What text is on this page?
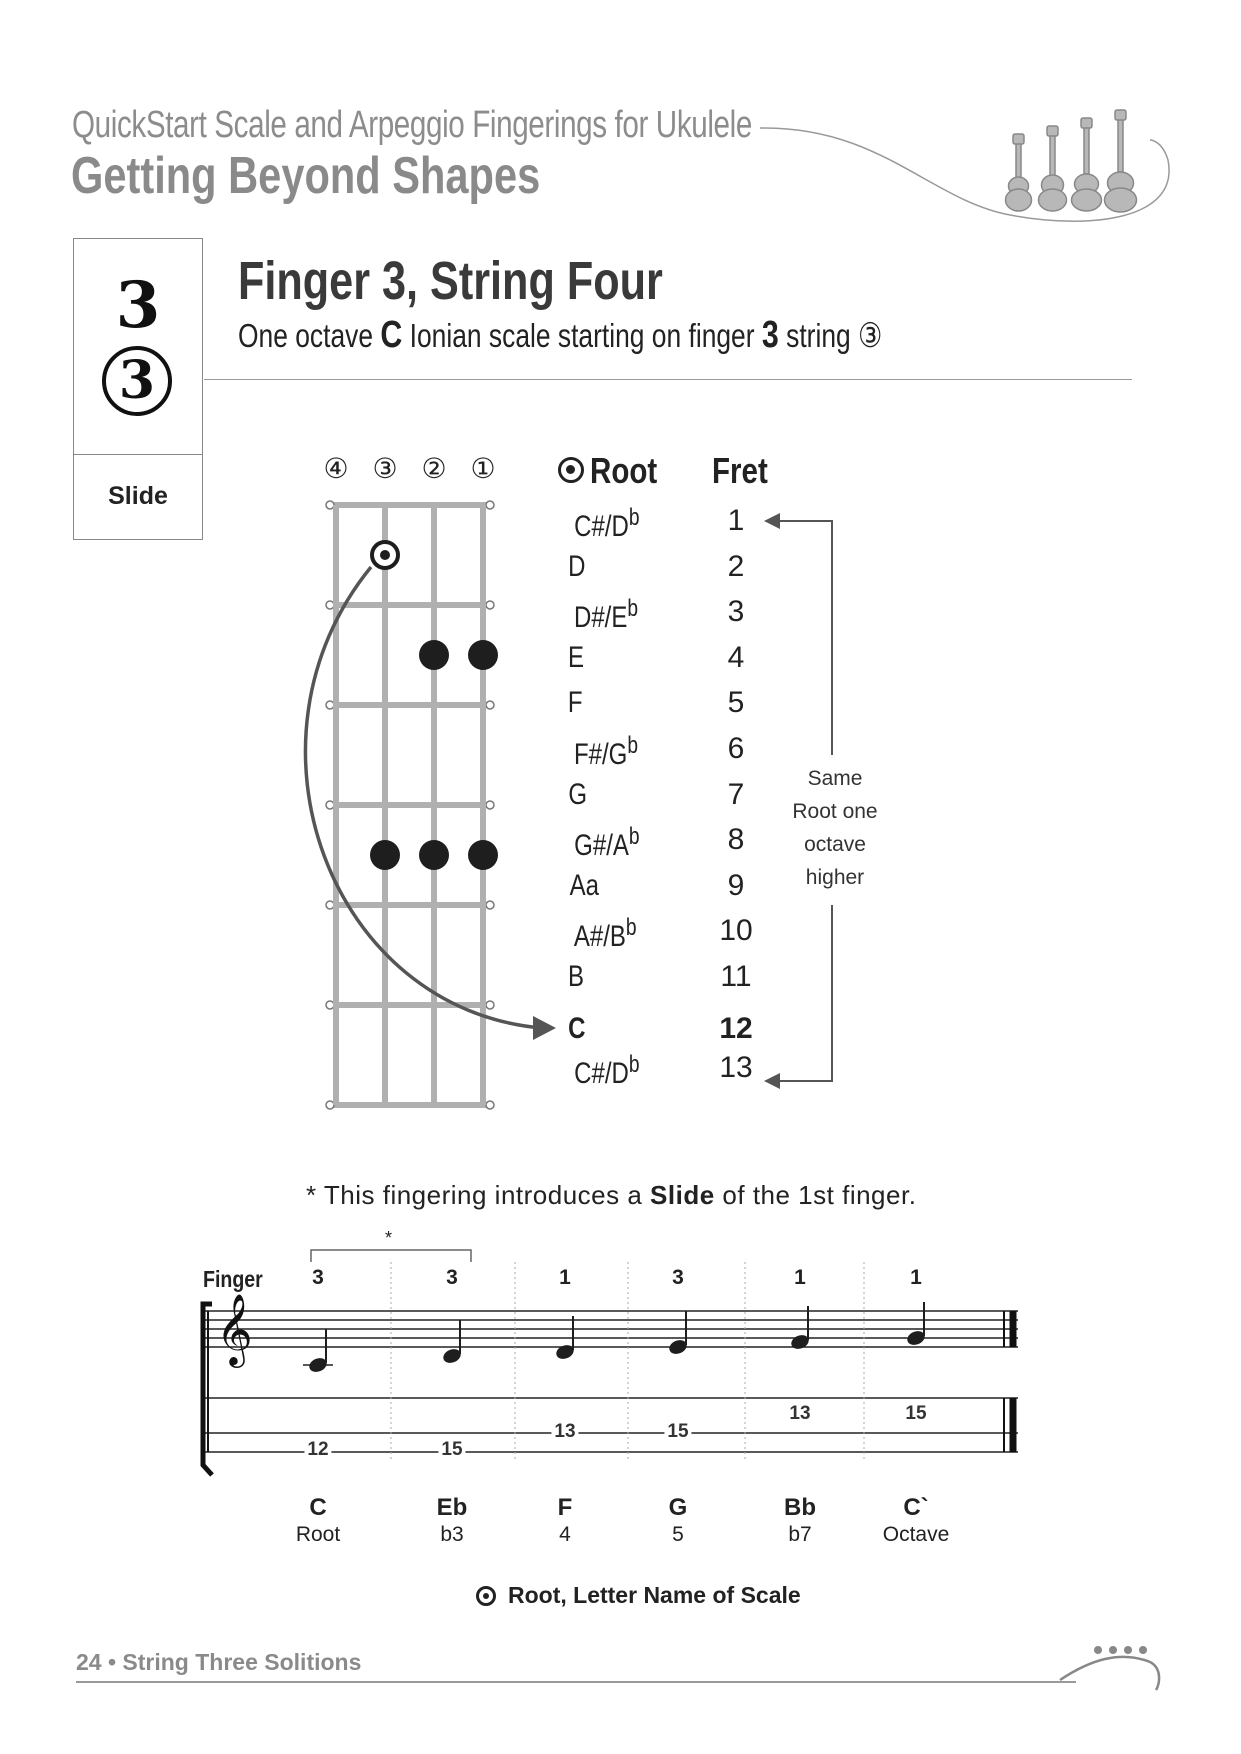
QuickStart Scale and Arpeggio Fingerings for Ukulele
Getting Beyond Shapes
3
3
Slide
Finger 3, String Four
One octave C Ionian scale starting on finger 3 string ③
④ ③ ② ①	Root Fret
$C\#/D^b$	1
D	2
$D\#/E^b$	3
E	4
F	5
$F\#/G^b$	6
G	7
$G\#/A^b$	8
Aa	9
$A\#/B^b$	10
B	11
C	12
$C\#/D^b$	13
Same
Root one
octave
higher
* This fingering introduces a Slide of the 1st finger.
𝄞
Finger
*
3
12
C
Root
3
15
Eb
b3
1
13
F
4
3
15
G
5
1
13
Bb
b7
1
15
C`
Octave
Root, Letter Name of Scale
24 • String Three Solitions
